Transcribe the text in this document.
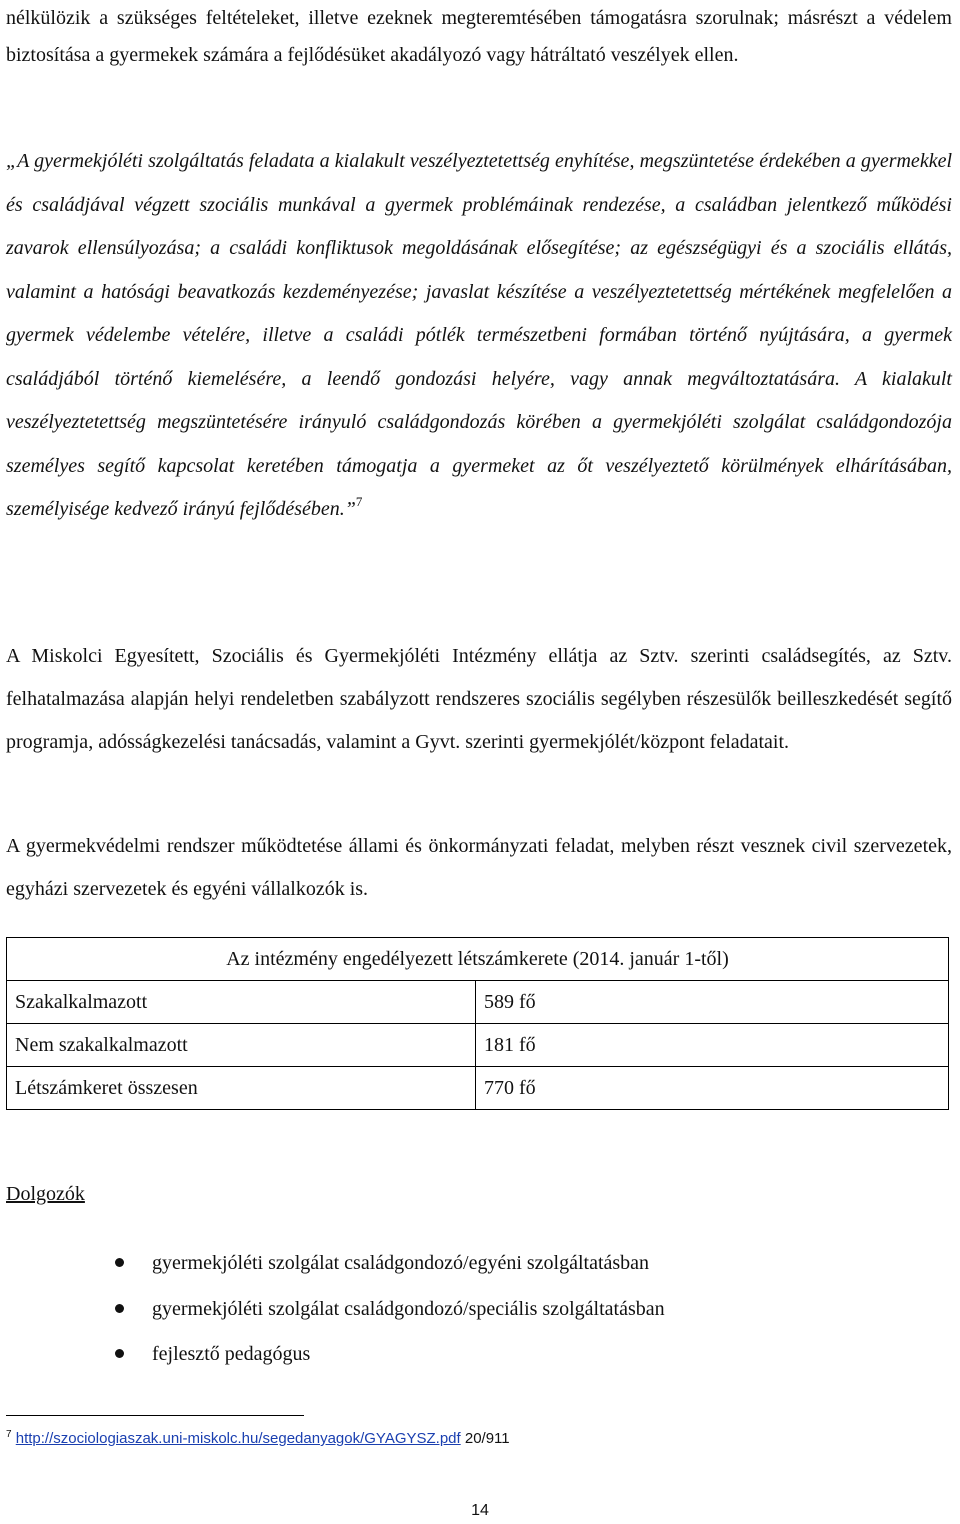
nélkülözik a szükséges feltételeket, illetve ezeknek megteremtésében támogatásra szorulnak; másrészt a védelem biztosítása a gyermekek számára a fejlődésüket akadályozó vagy hátráltató veszélyek ellen.

„A gyermekjóléti szolgáltatás feladata a kialakult veszélyeztetettség enyhítése, megszüntetése érdekében a gyermekkel és családjával végzett szociális munkával a gyermek problémáinak rendezése, a családban jelentkező működési zavarok ellensúlyozása; a családi konfliktusok megoldásának elősegítése; az egészségügyi és a szociális ellátás, valamint a hatósági beavatkozás kezdeményezése; javaslat készítése a veszélyeztetettség mértékének megfelelően a gyermek védelembe vételére, illetve a családi pótlék természetbeni formában történő nyújtására, a gyermek családjából történő kiemelésére, a leendő gondozási helyére, vagy annak megváltoztatására. A kialakult veszélyeztetettség megszüntetésére irányuló családgondozás körében a gyermekjóléti szolgálat családgondozója személyes segítő kapcsolat keretében támogatja a gyermeket az őt veszélyeztető körülmények elhárításában, személyisége kedvező irányú fejlődésében.”$^7$

A Miskolci Egyesített, Szociális és Gyermekjóléti Intézmény ellátja az Sztv. szerinti családsegítés, az Sztv. felhatalmazása alapján helyi rendeletben szabályzott rendszeres szociális segélyben részesülők beilleszkedését segítő programja, adósságkezelési tanácsadás, valamint a Gyvt. szerinti gyermekjólét/központ feladatait.

A gyermekvédelmi rendszer működtetése állami és önkormányzati feladat, melyben részt vesznek civil szervezetek, egyházi szervezetek és egyéni vállalkozók is.

Az intézmény engedélyezett létszámkerete (2014. január 1-től)	
Szakalkalmazott	589 fő
Nem szakalkalmazott	181 fő
Létszámkeret összesen	770 fő
Dolgozók
gyermekjóléti szolgálat családgondozó/egyéni szolgáltatásban
gyermekjóléti szolgálat családgondozó/speciális szolgáltatásban
fejlesztő pedagógus
$^7$ http://szociologiaszak.uni-miskolc.hu/segedanyagok/GYAGYSZ.pdf 20/911
14
